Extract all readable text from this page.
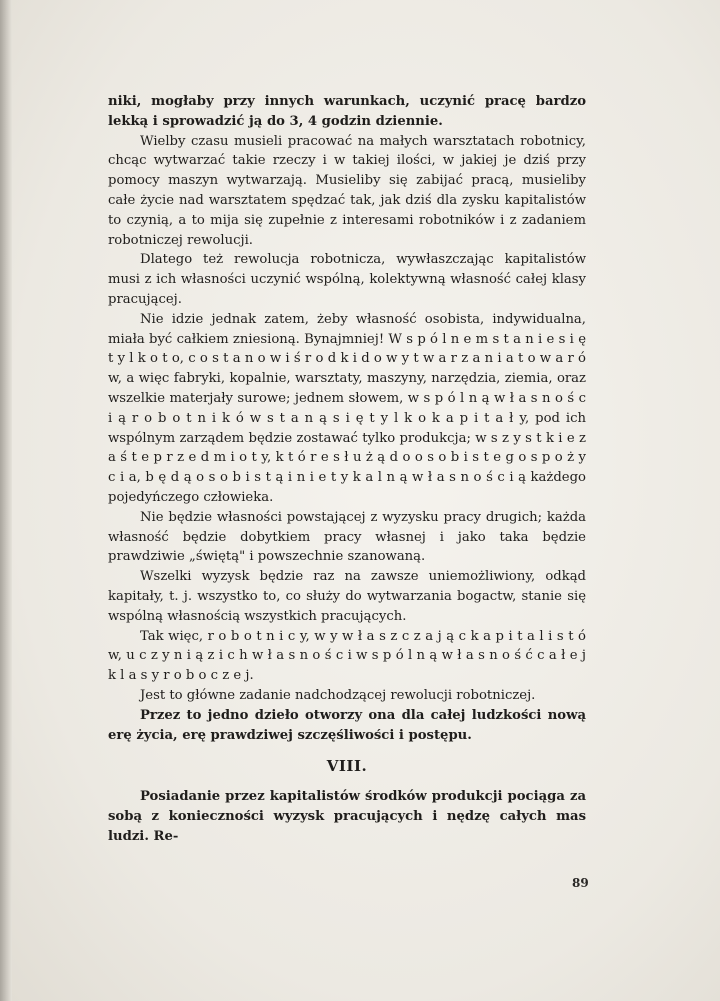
niki, mogłaby przy innych warunkach, uczynić pracę bardzo lekką i sprowadzić ją do 3, 4 godzin dziennie.

Wielby czasu musieli pracować na małych warsztatach robotnicy, chcąc wytwarzać takie rzeczy i w takiej ilości, w jakiej je dziś przy pomocy maszyn wytwarzają. Musieliby się zabijać pracą, musieliby całe życie nad warsztatem spędzać tak, jak dziś dla zysku kapitalistów to czynią, a to mija się zupełnie z interesami robotników i z zadaniem robotniczej rewolucji.

Dlatego też rewolucja robotnicza, wywłaszczając kapitalistów musi z ich własności uczynić wspólną, kolektywną własność całej klasy pracującej.

Nie idzie jednak zatem, żeby własność osobista, indywidualna, miała być całkiem zniesioną. Bynajmniej! W s p ó l n e m s t a n i e s i ę t y l k o t o, c o s t a n o w i ś r o d k i d o w y t w a r z a n i a t o w a r ó w, a więc fabryki, kopalnie, warsztaty, maszyny, narzędzia, ziemia, oraz wszelkie materjały surowe; jednem słowem, w s p ó l n ą w ł a s n o ś c i ą r o b o t n i k ó w s t a n ą s i ę t y l k o k a p i t a ł y, pod ich wspólnym zarządem będzie zostawać tylko produkcja; w s z y s t k i e z a ś t e p r z e d m i o t y, k t ó r e s ł u ż ą d o o s o b i s t e g o s p o ż y c i a, b ę d ą o s o b i s t ą i n i e t y k a l n ą w ł a s n o ś c i ą każdego pojedyńczego człowieka.

Nie będzie własności powstającej z wyzysku pracy drugich; każda własność będzie dobytkiem pracy własnej i jako taka będzie prawdziwie „świętą" i powszechnie szanowaną.

Wszelki wyzysk będzie raz na zawsze uniemożliwiony, odkąd kapitały, t. j. wszystko to, co służy do wytwarzania bogactw, stanie się wspólną własnością wszystkich pracujących.

Tak więc, r o b o t n i c y, w y w ł a s z c z a j ą c k a p i t a l i s t ó w, u c z y n i ą z i c h w ł a s n o ś c i w s p ó l n ą w ł a s n o ś ć c a ł e j k l a s y r o b o c z e j.

Jest to główne zadanie nadchodzącej rewolucji robotniczej.

Przez to jedno dzieło otworzy ona dla całej ludzkości nową erę życia, erę prawdziwej szczęśliwości i postępu.

VIII.

Posiadanie przez kapitalistów środków produkcji pociąga za sobą z konieczności wyzysk pracujących i nędzę całych mas ludzi. Re-

89
